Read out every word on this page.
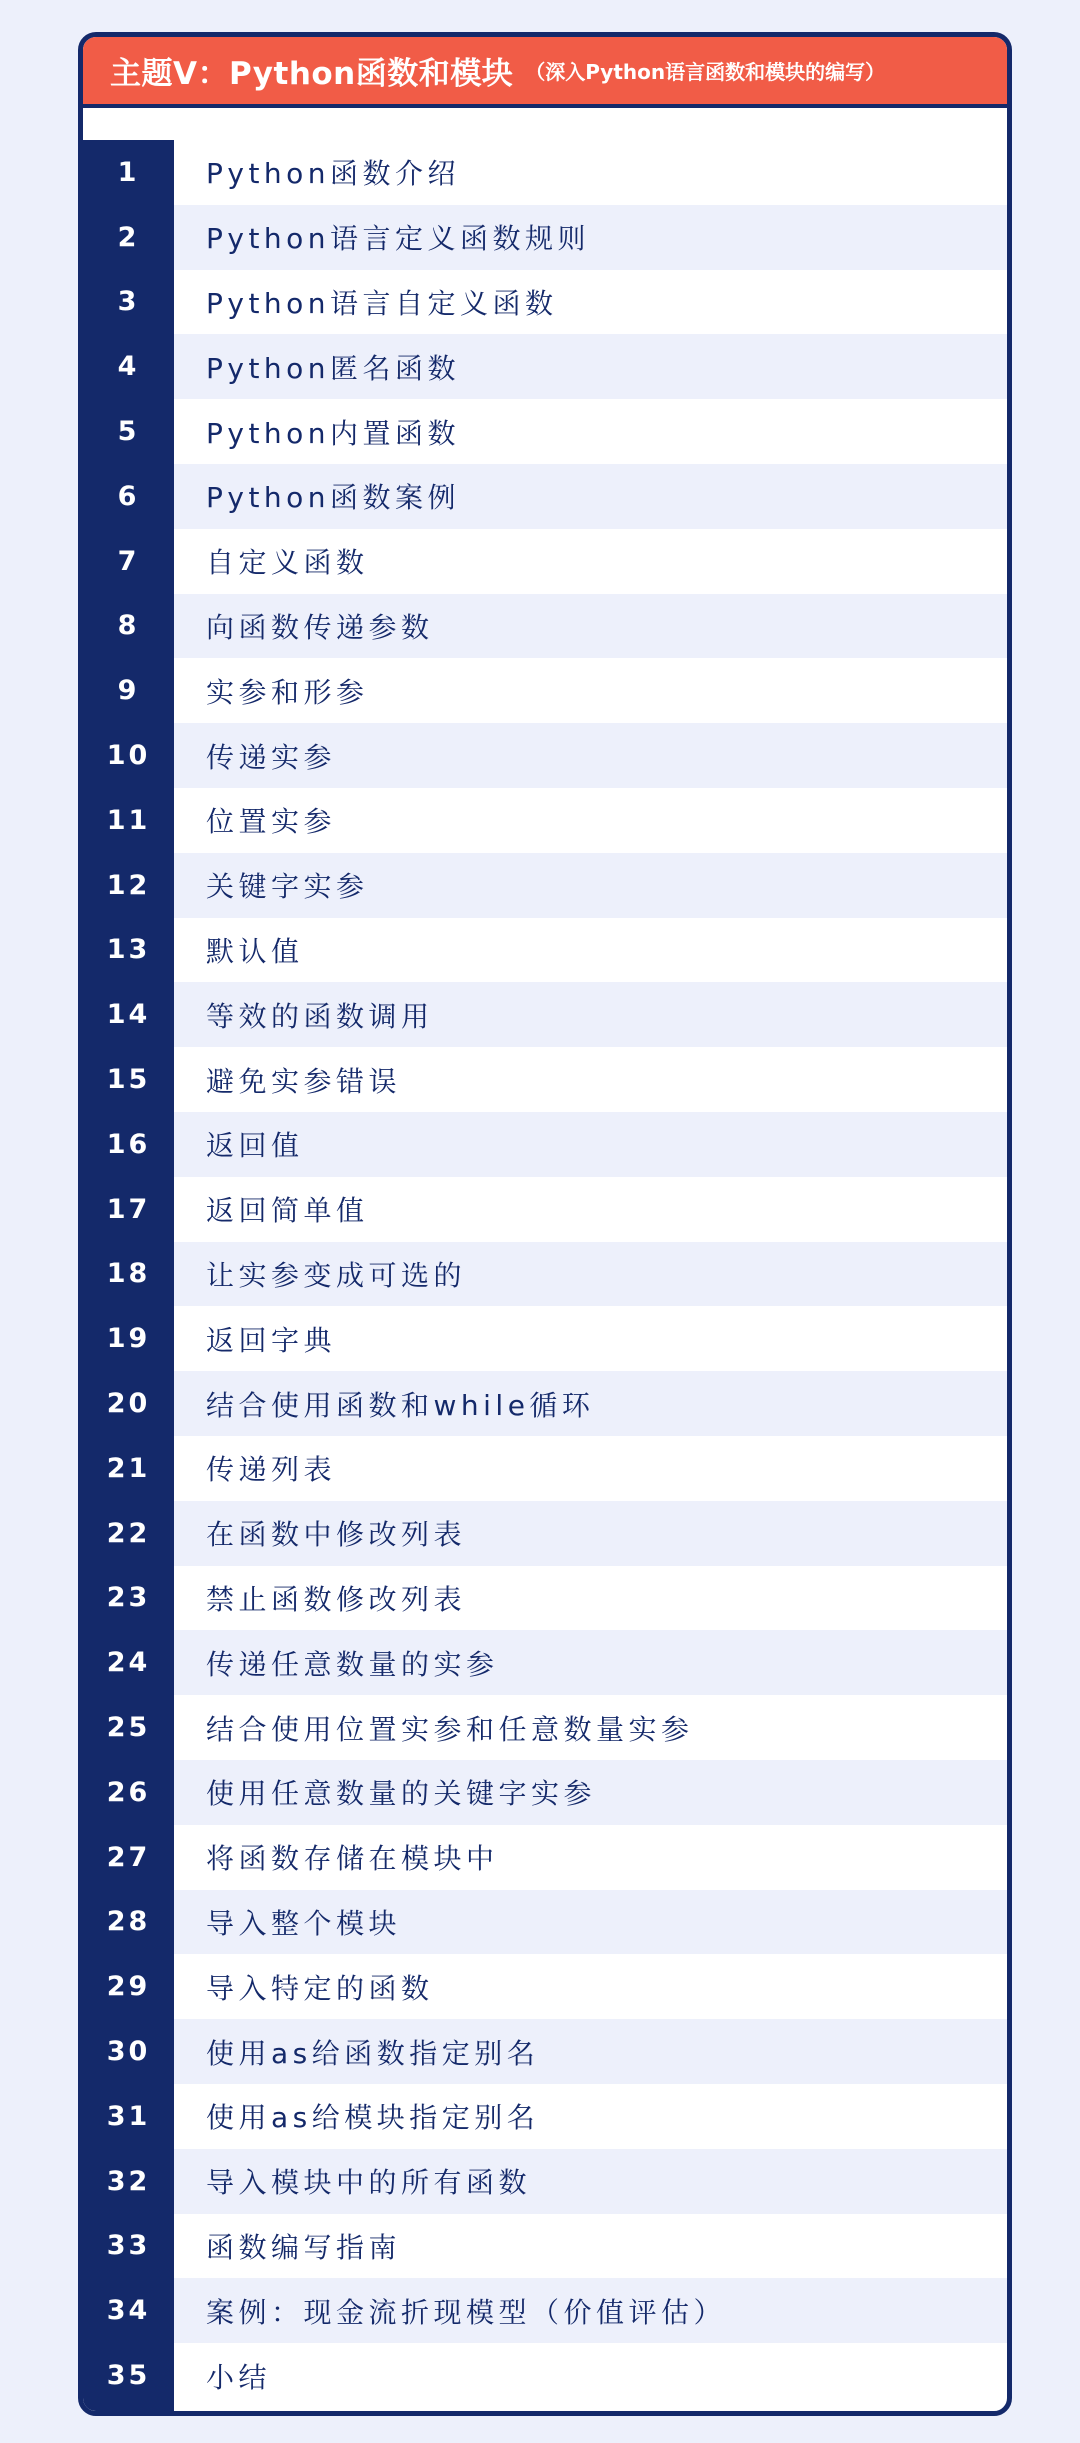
主题V：Python函数和模块 （深入Python语言函数和模块的编写）
Python函数介绍
1
Python语言定义函数规则
2
Python语言自定义函数
3
Python匿名函数
4
Python内置函数
5
Python函数案例
6
自定义函数
7
向函数传递参数
8
实参和形参
9
传递实参
10
位置实参
11
关键字实参
12
默认值
13
等效的函数调用
14
避免实参错误
15
返回值
16
返回简单值
17
让实参变成可选的
18
返回字典
19
结合使用函数和while循环
20
传递列表
21
在函数中修改列表
22
禁止函数修改列表
23
传递任意数量的实参
24
结合使用位置实参和任意数量实参
25
使用任意数量的关键字实参
26
将函数存储在模块中
27
导入整个模块
28
导入特定的函数
29
使用as给函数指定别名
30
使用as给模块指定别名
31
导入模块中的所有函数
32
函数编写指南
33
案例：现金流折现模型（价值评估）
34
小结
35
